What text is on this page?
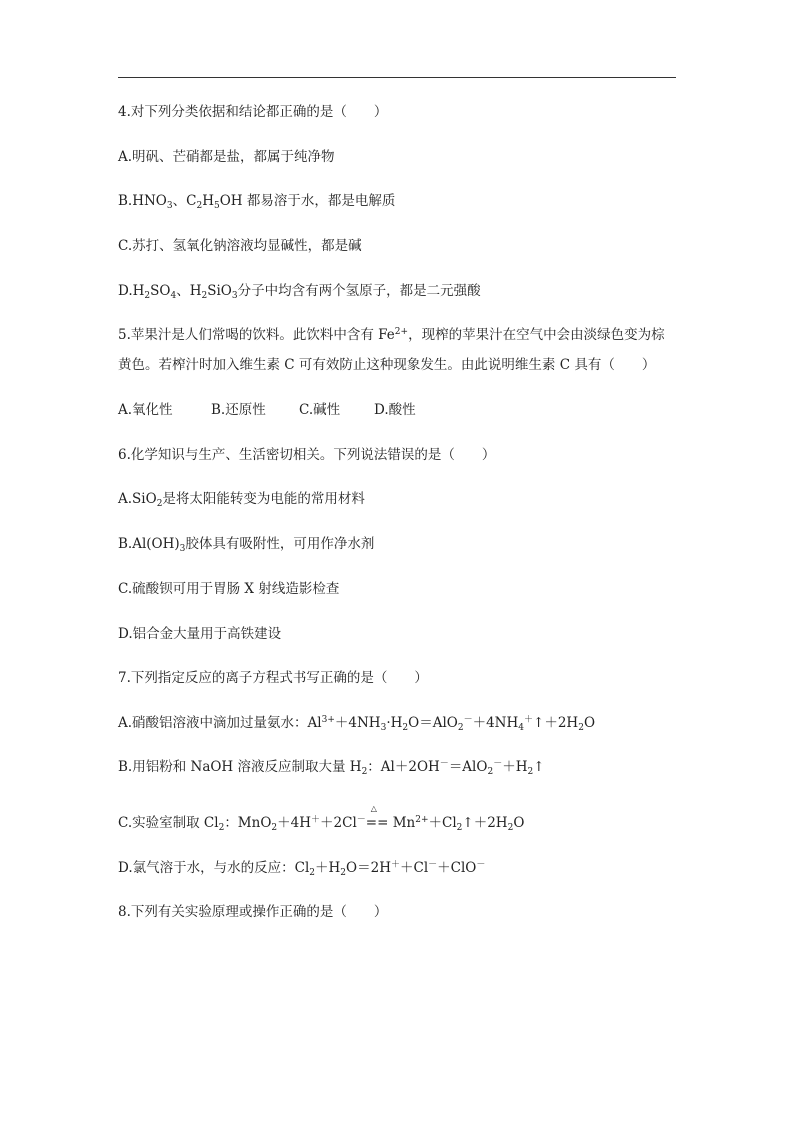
4.对下列分类依据和结论都正确的是（　　）
A.明矾、芒硝都是盐，都属于纯净物
$B.HNO_3$、$C_2H_5OH$ 都易溶于水，都是电解质
C.苏打、氢氧化钠溶液均显碱性，都是碱
$D.H_2SO_4$、$H_2SiO_3$分子中均含有两个氢原子，都是二元强酸
5.苹果汁是人们常喝的饮料。此饮料中含有 $Fe^{2+}$，现榨的苹果汁在空气中会由淡绿色变为棕
黄色。若榨汁时加入维生素 C 可有效防止这种现象发生。由此说明维生素 C 具有（　　）
A.氧化性	B.还原性 C.碱性	D.酸性
6.化学知识与生产、生活密切相关。下列说法错误的是（　　）
A.SiO$_2$是将太阳能转变为电能的常用材料
$B.Al(OH)_3$胶体具有吸附性，可用作净水剂
C.硫酸钡可用于胃肠 X 射线造影检查
D.铝合金大量用于高铁建设
7.下列指定反应的离子方程式书写正确的是（　　）
A.硝酸铝溶液中滴加过量氨水：$Al^{3+}+4NH_3\cdot H_2O=AlO_2^-+4NH_4^+↑+2H_2O$
B.用铝粉和 NaOH 溶液反应制取大量 $H_2$：$Al+2OH^-=AlO_2^-+H_2↑$
C.实验室制取 $Cl_2$：MnO$_2$＋4H＋＋2Cl－
△
== $Mn^{2+}+Cl_2↑+2H_2O$
D.氯气溶于水，与水的反应：$Cl_2+H_2O=2H^++Cl^-+ClO^-$
8.下列有关实验原理或操作正确的是（　　）
